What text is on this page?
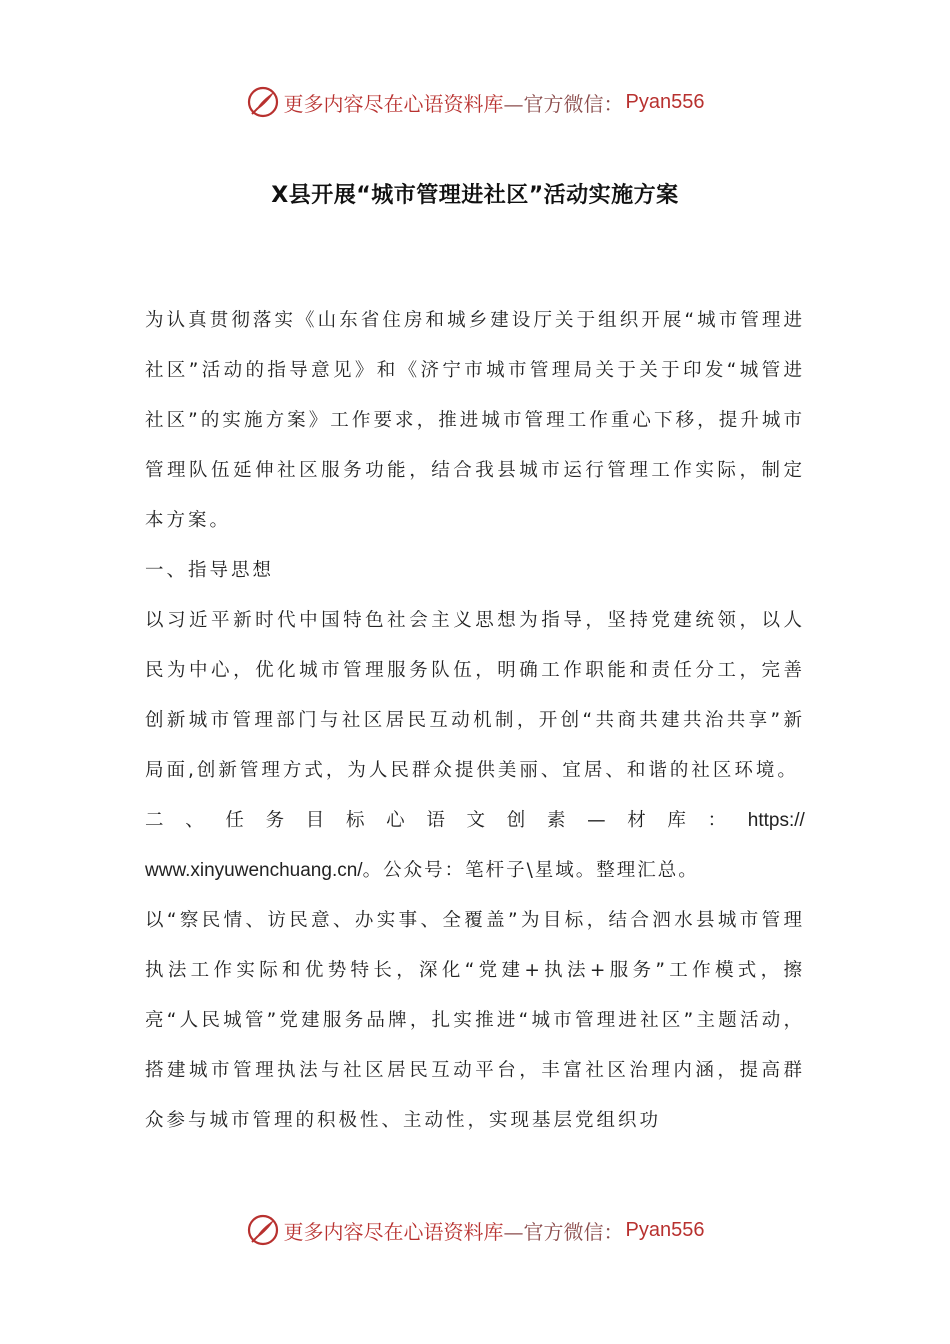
更多内容尽在心语资料库 —官方微信： Pyan556
X县开展“城市管理进社区”活动实施方案

为认真贯彻落实《山东省住房和城乡建设厅关于组织开展“城市管理进社区”活动的指导意见》和《济宁市城市管理局关于关于印发“城管进社区”的实施方案》工作要求，推进城市管理工作重心下移，提升城市管理队伍延伸社区服务功能，结合我县城市运行管理工作实际，制定本方案。

一、指导思想

以习近平新时代中国特色社会主义思想为指导，坚持党建统领，以人民为中心，优化城市管理服务队伍，明确工作职能和责任分工，完善创新城市管理部门与社区居民互动机制，开创“共商共建共治共享”新局面,创新管理方式，为人民群众提供美丽、宜居、和谐的社区环境。

二 、 任 务 目 标 心 语 文 创 素 — 材 库 ： https://

www.xinyuwenchuang.cn/。公众号：笔杆子\星域。整理汇总。

以“察民情、访民意、办实事、全覆盖”为目标，结合泗水县城市管理执法工作实际和优势特长，深化“党建+执法+服务”工作模式，擦亮“人民城管”党建服务品牌，扎实推进“城市管理进社区”主题活动，搭建城市管理执法与社区居民互动平台，丰富社区治理内涵，提高群众参与城市管理的积极性、主动性，实现基层党组织功

更多内容尽在心语资料库 —官方微信： Pyan556
